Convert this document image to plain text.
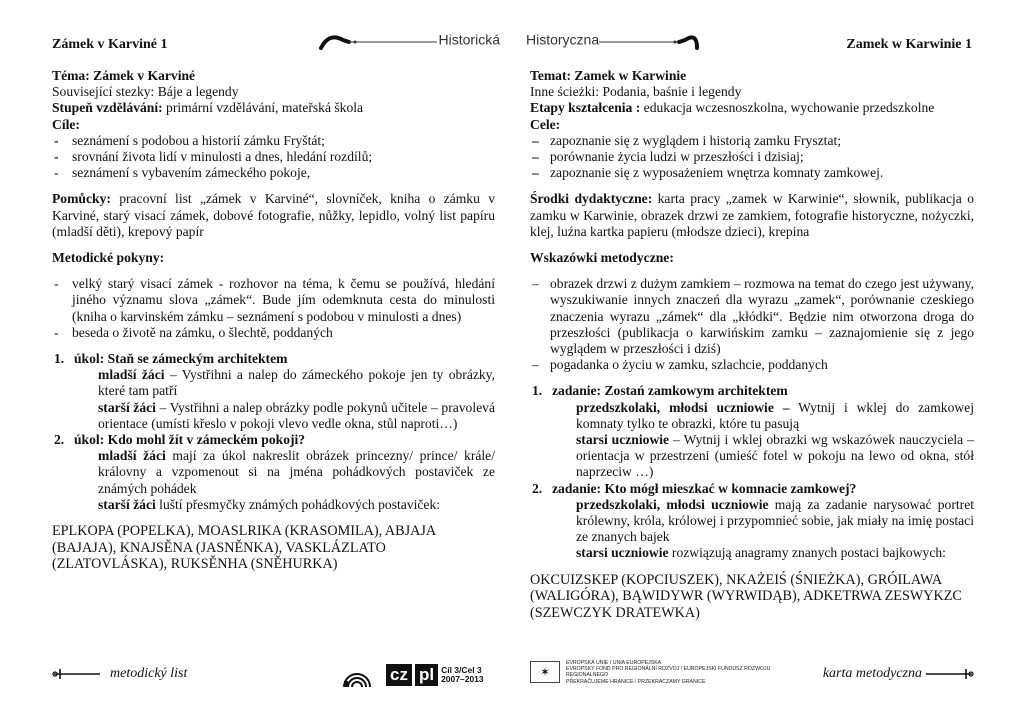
Zámek v Karviné 1	Historická
Téma: Zámek v Karviné
Související stezky: Báje a legendy
Stupeň vzdělávání: primární vzdělávání, mateřská škola
Cíle:
- seznámení s podobou a historií zámku Fryštát;
- srovnání života lidí v minulosti a dnes, hledání rozdílů;
- seznámení s vybavením zámeckého pokoje,
Pomůcky: pracovní list „zámek v Karviné“, slovníček, kniha o zámku v Karviné, starý visací zámek, dobové fotografie, nůžky, lepidlo, volný list papíru (mladší děti), krepový papír
Metodické pokyny:
- velký starý visací zámek - rozhovor na téma, k čemu se používá, hledání jiného významu slova „zámek“. Bude jím odemknuta cesta do minulosti (kniha o karvinském zámku – seznámení s podobou v minulosti a dnes)
- beseda o životě na zámku, o šlechtě, poddaných
1. úkol: Staň se zámeckým architektem
mladší žáci – Vystřihni a nalep do zámeckého pokoje jen ty obrázky, které tam patří
starší žáci – Vystřihni a nalep obrázky podle pokynů učitele – pravolevá orientace (umísti křeslo v pokoji vlevo vedle okna, stůl naproti…)
2. úkol: Kdo mohl žít v zámeckém pokoji?
mladší žáci mají za úkol nakreslit obrázek princezny/ prince/ krále/ královny a vzpomenout si na jména pohádkových postaviček ze známých pohádek
starší žáci luští přesmyčky známých pohádkových postaviček:
EPLKOPA (POPELKA), MOASLRIKA (KRASOMILA), ABJAJA (BAJAJA), KNAJSĚNA (JASNĚNKA), VASKLÁZLATO (ZLATOVLÁSKA), RUKSĚNHA (SNĚHURKA)
metodický list	cz pl Cíl 3/Cel 3
2007–2013
✶
EVROPSKÁ UNIE / UNIA EUROPEJSKA
EVROPSKÝ FOND PRO REGIONÁLNÍ ROZVOJ / EUROPEJSKI FUNDUSZ ROZWOJU REGIONALNEGO
PŘEKRAČUJEME HRANICE / PRZEKRACZAMY GRANICE
Historyczna	Zamek w Karwinie 1
Temat: Zamek w Karwinie
Inne ścieżki: Podania, baśnie i legendy
Etapy kształcenia : edukacja wczesnoszkolna, wychowanie przedszkolne
Cele:
– zapoznanie się z wyglądem i historią zamku Frysztat;
– porównanie życia ludzi w przeszłości i dzisiaj;
– zapoznanie się z wyposażeniem wnętrza komnaty zamkowej.
Środki dydaktyczne: karta pracy „zamek w Karwinie“, słownik, publikacja o zamku w Karwinie, obrazek drzwi ze zamkiem, fotografie historyczne, nożyczki, klej, luźna kartka papieru (młodsze dzieci), krepina
Wskazówki metodyczne:
– obrazek drzwi z dużym zamkiem – rozmowa na temat do czego jest używany, wyszukiwanie innych znaczeń dla wyrazu „zamek“, porównanie czeskiego znaczenia wyrazu „zámek“ dla „kłódki“. Będzie nim otworzona droga do przeszłości (publikacja o karwińskim zamku – zaznajomienie się z jego wyglądem w przeszłości i dziś)
– pogadanka o życiu w zamku, szlachcie, poddanych
1. zadanie: Zostań zamkowym architektem
przedszkolaki, młodsi uczniowie – Wytnij i wklej do zamkowej komnaty tylko te obrazki, które tu pasują
starsi uczniowie – Wytnij i wklej obrazki wg wskazówek nauczyciela – orientacja w przestrzeni (umieść fotel w pokoju na lewo od okna, stół naprzeciw …)
2. zadanie: Kto mógł mieszkać w komnacie zamkowej?
przedszkolaki, młodsi uczniowie mają za zadanie narysować portret królewny, króla, królowej i przypomnieć sobie, jak miały na imię postaci ze znanych bajek
starsi uczniowie rozwiązują anagramy znanych postaci bajkowych:
OKCUIZSKEP (KOPCIUSZEK), NKAŻEIŚ (ŚNIEŻKA), GRÓILAWA (WALIGÓRA), BĄWIDYWR (WYRWIDĄB), ADKETRWA ZESWYKZC (SZEWCZYK DRATEWKA)
karta metodyczna
